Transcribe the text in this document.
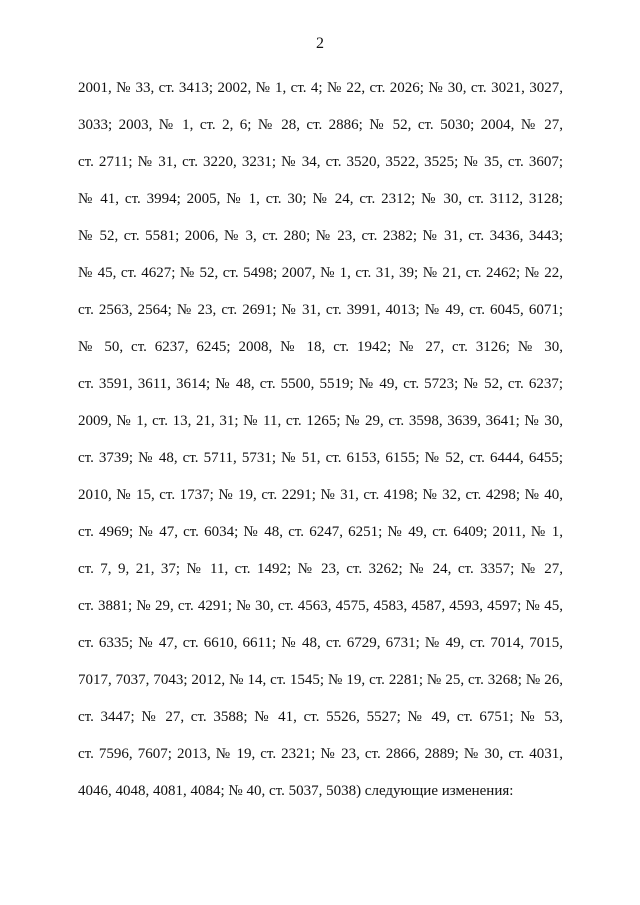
2
2001, № 33, ст. 3413; 2002, № 1, ст. 4; № 22, ст. 2026; № 30, ст. 3021, 3027,
3033; 2003, № 1, ст. 2, 6; № 28, ст. 2886; № 52, ст. 5030; 2004, № 27,
ст. 2711; № 31, ст. 3220, 3231; № 34, ст. 3520, 3522, 3525; № 35, ст. 3607;
№ 41, ст. 3994; 2005, № 1, ст. 30; № 24, ст. 2312; № 30, ст. 3112, 3128;
№ 52, ст. 5581; 2006, № 3, ст. 280; № 23, ст. 2382; № 31, ст. 3436, 3443;
№ 45, ст. 4627; № 52, ст. 5498; 2007, № 1, ст. 31, 39; № 21, ст. 2462; № 22,
ст. 2563, 2564; № 23, ст. 2691; № 31, ст. 3991, 4013; № 49, ст. 6045, 6071;
№ 50, ст. 6237, 6245; 2008, № 18, ст. 1942; № 27, ст. 3126; № 30,
ст. 3591, 3611, 3614; № 48, ст. 5500, 5519; № 49, ст. 5723; № 52, ст. 6237;
2009, № 1, ст. 13, 21, 31; № 11, ст. 1265; № 29, ст. 3598, 3639, 3641; № 30,
ст. 3739; № 48, ст. 5711, 5731; № 51, ст. 6153, 6155; № 52, ст. 6444, 6455;
2010, № 15, ст. 1737; № 19, ст. 2291; № 31, ст. 4198; № 32, ст. 4298; № 40,
ст. 4969; № 47, ст. 6034; № 48, ст. 6247, 6251; № 49, ст. 6409; 2011, № 1,
ст. 7, 9, 21, 37; № 11, ст. 1492; № 23, ст. 3262; № 24, ст. 3357; № 27,
ст. 3881; № 29, ст. 4291; № 30, ст. 4563, 4575, 4583, 4587, 4593, 4597; № 45,
ст. 6335; № 47, ст. 6610, 6611; № 48, ст. 6729, 6731; № 49, ст. 7014, 7015,
7017, 7037, 7043; 2012, № 14, ст. 1545; № 19, ст. 2281; № 25, ст. 3268; № 26,
ст. 3447; № 27, ст. 3588; № 41, ст. 5526, 5527; № 49, ст. 6751; № 53,
ст. 7596, 7607; 2013, № 19, ст. 2321; № 23, ст. 2866, 2889; № 30, ст. 4031,
4046, 4048, 4081, 4084; № 40, ст. 5037, 5038) следующие изменения:
